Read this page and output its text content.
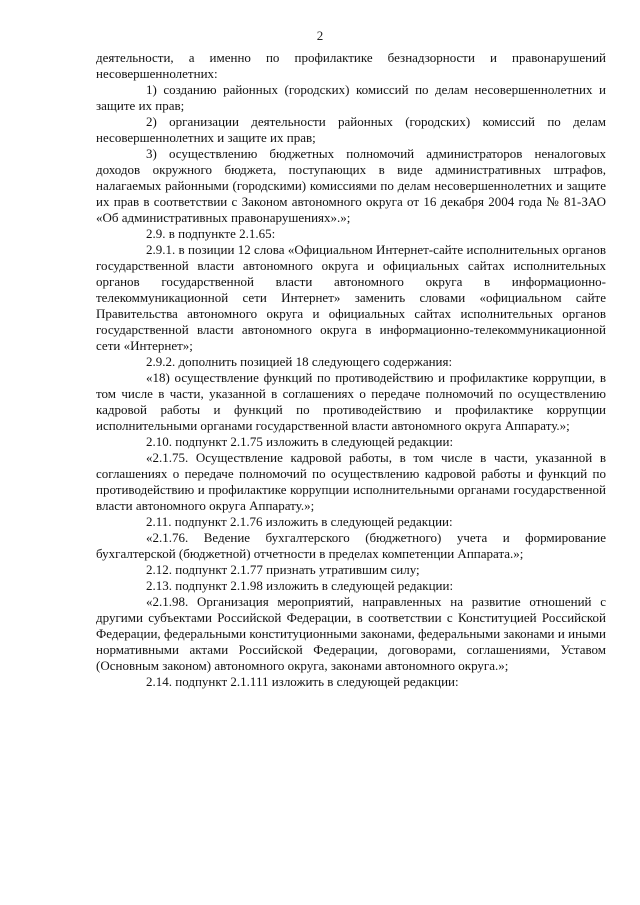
2

деятельности, а именно по профилактике безнадзорности и правонарушений несовершеннолетних:

1) созданию районных (городских) комиссий по делам несовершеннолетних и защите их прав;

2) организации деятельности районных (городских) комиссий по делам несовершеннолетних и защите их прав;

3) осуществлению бюджетных полномочий администраторов неналоговых доходов окружного бюджета, поступающих в виде административных штрафов, налагаемых районными (городскими) комиссиями по делам несовершеннолетних и защите их прав в соответствии с Законом автономного округа от 16 декабря 2004 года № 81-ЗАО «Об административных правонарушениях».»;

2.9. в подпункте 2.1.65:

2.9.1. в позиции 12 слова «Официальном Интернет-сайте исполнительных органов государственной власти автономного округа и официальных сайтах исполнительных органов государственной власти автономного округа в информационно-телекоммуникационной сети Интернет» заменить словами «официальном сайте Правительства автономного округа и официальных сайтах исполнительных органов государственной власти автономного округа в информационно-телекоммуникационной сети «Интернет»;

2.9.2. дополнить позицией 18 следующего содержания:

«18) осуществление функций по противодействию и профилактике коррупции, в том числе в части, указанной в соглашениях о передаче полномочий по осуществлению кадровой работы и функций по противодействию и профилактике коррупции исполнительными органами государственной власти автономного округа Аппарату.»;

2.10. подпункт 2.1.75 изложить в следующей редакции:

«2.1.75. Осуществление кадровой работы, в том числе в части, указанной в соглашениях о передаче полномочий по осуществлению кадровой работы и функций по противодействию и профилактике коррупции исполнительными органами государственной власти автономного округа Аппарату.»;

2.11. подпункт 2.1.76 изложить в следующей редакции:

«2.1.76. Ведение бухгалтерского (бюджетного) учета и формирование бухгалтерской (бюджетной) отчетности в пределах компетенции Аппарата.»;

2.12. подпункт 2.1.77 признать утратившим силу;

2.13. подпункт 2.1.98 изложить в следующей редакции:

«2.1.98. Организация мероприятий, направленных на развитие отношений с другими субъектами Российской Федерации, в соответствии с Конституцией Российской Федерации, федеральными конституционными законами, федеральными законами и иными нормативными актами Российской Федерации, договорами, соглашениями, Уставом (Основным законом) автономного округа, законами автономного округа.»;

2.14. подпункт 2.1.111 изложить в следующей редакции:
